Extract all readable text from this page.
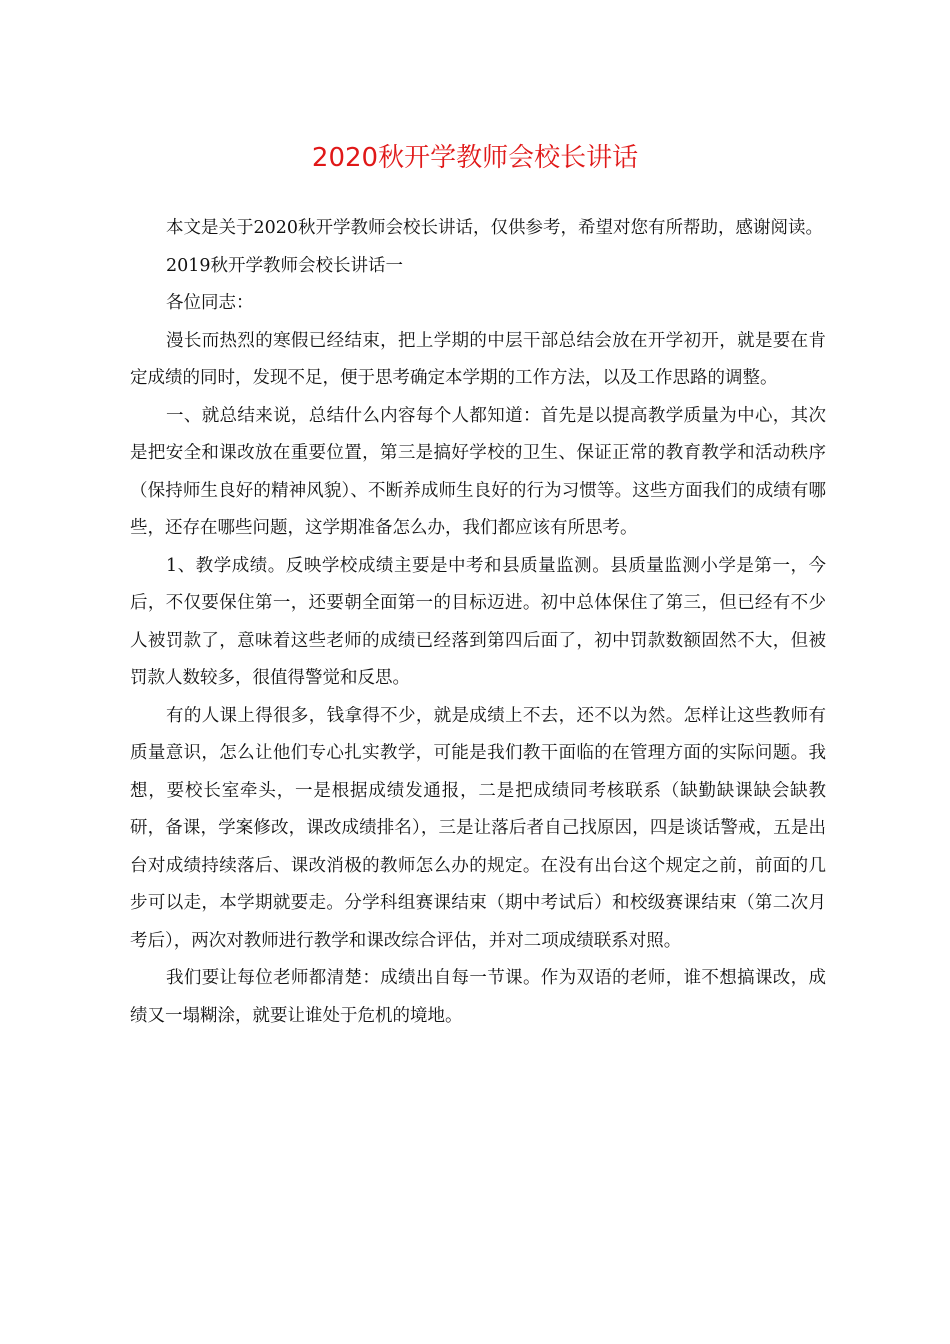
2020秋开学教师会校长讲话

本文是关于2020秋开学教师会校长讲话，仅供参考，希望对您有所帮助，感谢阅读。

2019秋开学教师会校长讲话一

各位同志：

漫长而热烈的寒假已经结束，把上学期的中层干部总结会放在开学初开，就是要在肯定成绩的同时，发现不足，便于思考确定本学期的工作方法，以及工作思路的调整。

一、就总结来说，总结什么内容每个人都知道：首先是以提高教学质量为中心，其次是把安全和课改放在重要位置，第三是搞好学校的卫生、保证正常的教育教学和活动秩序（保持师生良好的精神风貌）、不断养成师生良好的行为习惯等。这些方面我们的成绩有哪些，还存在哪些问题，这学期准备怎么办，我们都应该有所思考。

1、教学成绩。反映学校成绩主要是中考和县质量监测。县质量监测小学是第一，今后，不仅要保住第一，还要朝全面第一的目标迈进。初中总体保住了第三，但已经有不少人被罚款了，意味着这些老师的成绩已经落到第四后面了，初中罚款数额固然不大，但被罚款人数较多，很值得警觉和反思。

有的人课上得很多，钱拿得不少，就是成绩上不去，还不以为然。怎样让这些教师有质量意识，怎么让他们专心扎实教学，可能是我们教干面临的在管理方面的实际问题。我想，要校长室牵头，一是根据成绩发通报，二是把成绩同考核联系（缺勤缺课缺会缺教研，备课，学案修改，课改成绩排名），三是让落后者自己找原因，四是谈话警戒，五是出台对成绩持续落后、课改消极的教师怎么办的规定。在没有出台这个规定之前，前面的几步可以走，本学期就要走。分学科组赛课结束（期中考试后）和校级赛课结束（第二次月考后），两次对教师进行教学和课改综合评估，并对二项成绩联系对照。

我们要让每位老师都清楚：成绩出自每一节课。作为双语的老师，谁不想搞课改，成绩又一塌糊涂，就要让谁处于危机的境地。
